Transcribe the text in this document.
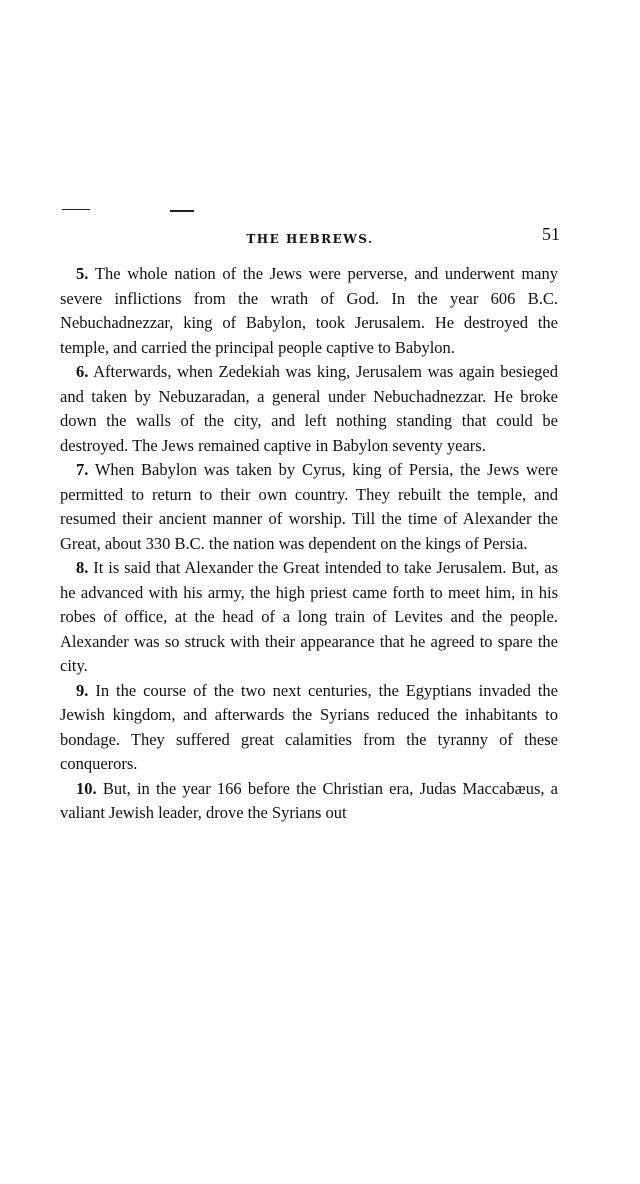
THE HEBREWS.	51

5. The whole nation of the Jews were perverse, and underwent many severe inflictions from the wrath of God. In the year 606 B.C. Nebuchadnezzar, king of Babylon, took Jerusalem. He destroyed the temple, and carried the principal people captive to Babylon.

6. Afterwards, when Zedekiah was king, Jerusalem was again besieged and taken by Nebuzaradan, a general under Nebuchadnezzar. He broke down the walls of the city, and left nothing standing that could be destroyed. The Jews remained captive in Babylon seventy years.

7. When Babylon was taken by Cyrus, king of Persia, the Jews were permitted to return to their own country. They rebuilt the temple, and resumed their ancient manner of worship. Till the time of Alexander the Great, about 330 B.C. the nation was dependent on the kings of Persia.

8. It is said that Alexander the Great intended to take Jerusalem. But, as he advanced with his army, the high priest came forth to meet him, in his robes of office, at the head of a long train of Levites and the people. Alexander was so struck with their appearance that he agreed to spare the city.

9. In the course of the two next centuries, the Egyptians invaded the Jewish kingdom, and afterwards the Syrians reduced the inhabitants to bondage. They suffered great calamities from the tyranny of these conquerors.

10. But, in the year 166 before the Christian era, Judas Maccabæus, a valiant Jewish leader, drove the Syrians out
